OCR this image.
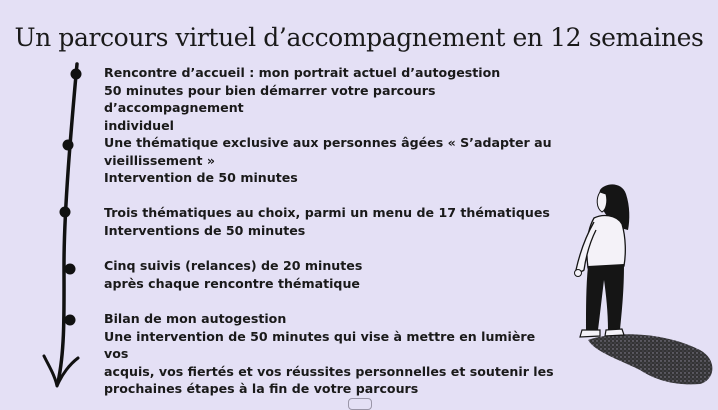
Un parcours virtuel d’accompagnement en 12 semaines
Rencontre d’accueil : mon portrait actuel d’autogestion
50 minutes pour bien démarrer votre parcours d’accompagnement
individuel
Une thématique exclusive aux personnes âgées « S’adapter au
vieillissement »
Intervention de 50 minutes
Trois thématiques au choix, parmi un menu de 17 thématiques
Interventions de 50 minutes
Cinq suivis (relances) de 20 minutes
après chaque rencontre thématique
Bilan de mon autogestion
Une intervention de 50 minutes qui vise à mettre en lumière vos
acquis, vos fiertés et vos réussites personnelles et soutenir les
prochaines étapes à la fin de votre parcours
